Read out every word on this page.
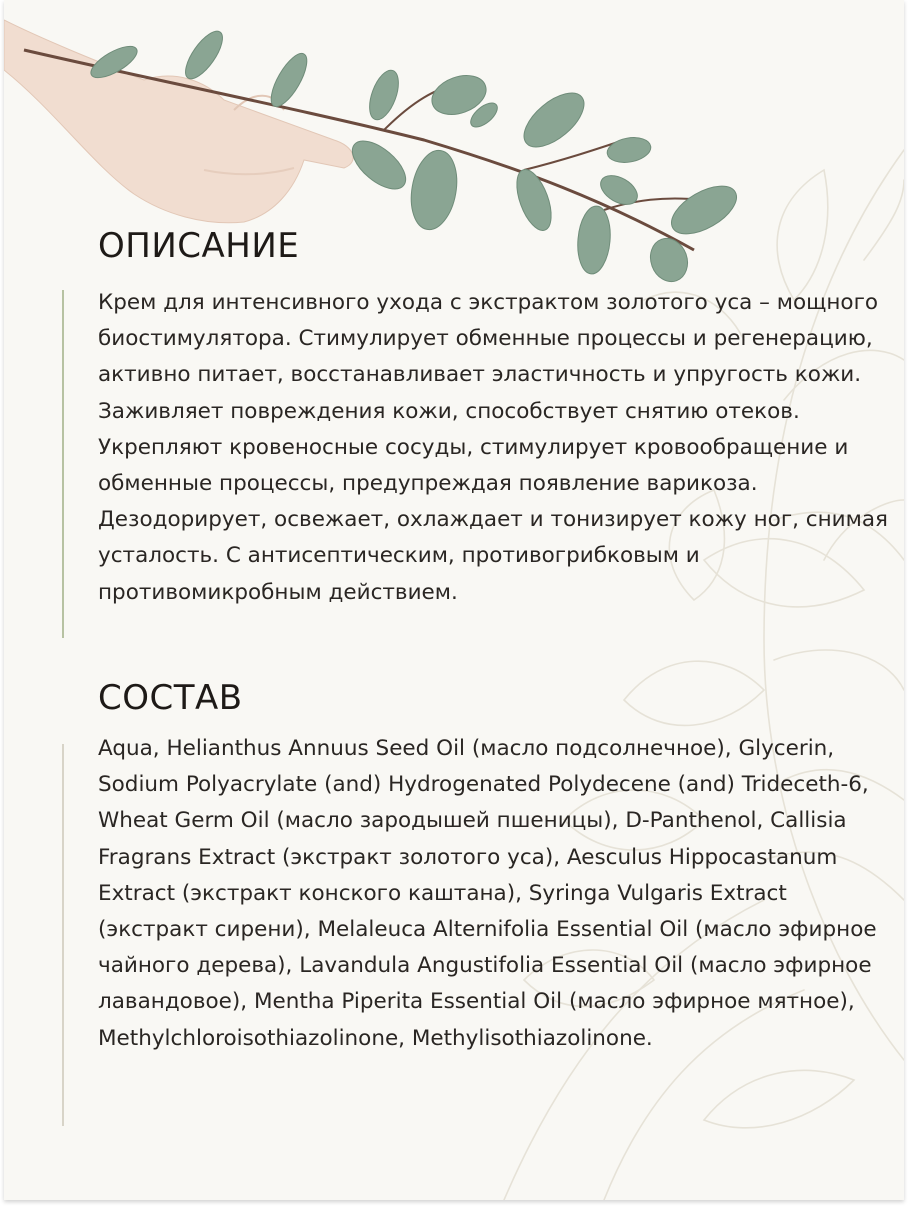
ОПИСАНИЕ

Крем для интенсивного ухода с экстрактом золотого уса – мощного биостимулятора. Стимулирует обменные процессы и регенерацию, активно питает, восстанавливает эластичность и упругость кожи. Заживляет повреждения кожи, способствует снятию отеков. Укрепляют кровеносные сосуды, стимулирует кровообращение и обменные процессы, предупреждая появление варикоза. Дезодорирует, освежает, охлаждает и тонизирует кожу ног, снимая усталость. С антисептическим, противогрибковым и противомикробным действием.

СОСТАВ

Aqua, Helianthus Annuus Seed Oil (масло подсолнечное), Glycerin, Sodium Polyacrylate (and) Hydrogenated Polydecene (and) Trideceth-6, Wheat Germ Oil (масло зародышей пшеницы), D-Panthenol, Callisia Fragrans Extract (экстракт золотого уса), Aesculus Hippocastanum Extract (экстракт конского каштана), Syringa Vulgaris Extract (экстракт сирени), Melaleuca Alternifolia Essential Oil (масло эфирное чайного дерева), Lavandula Angustifolia Essential Oil (масло эфирное лавандовое), Mentha Piperita Essential Oil (масло эфирное мятное), Methylchloroisothiazolinone, Methylisothiazolinone.
